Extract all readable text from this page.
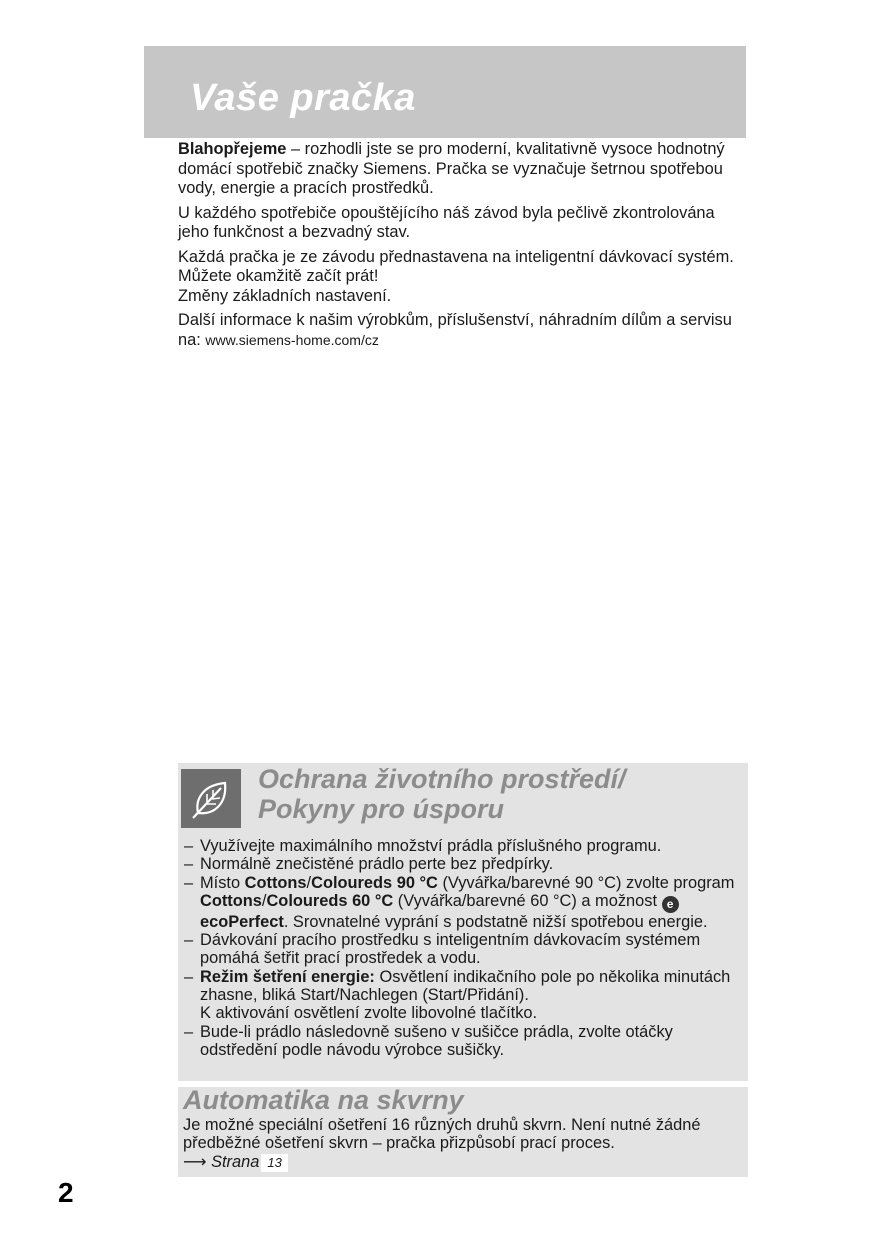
Vaše pračka

Blahopřejeme – rozhodli jste se pro moderní, kvalitativně vysoce hodnotný domácí spotřebič značky Siemens. Pračka se vyznačuje šetrnou spotřebou vody, energie a pracích prostředků.

U každého spotřebiče opouštějícího náš závod byla pečlivě zkontrolována jeho funkčnost a bezvadný stav.

Každá pračka je ze závodu přednastavena na inteligentní dávkovací systém. Můžete okamžitě začít prát!
Změny základních nastavení.

Další informace k našim výrobkům, příslušenství, náhradním dílům a servisu na: www.siemens-home.com/cz

Ochrana životního prostředí/
Pokyny pro úsporu
– Využívejte maximálního množství prádla příslušného programu.
– Normálně znečistěné prádlo perte bez předpírky.
– Místo Cottons/Coloureds 90 °C (Vyvářka/barevné 90 °C) zvolte program Cottons/Coloureds 60 °C (Vyvářka/barevné 60 °C) a možnost e ecoPerfect. Srovnatelné vyprání s podstatně nižší spotřebou energie.
– Dávkování pracího prostředku s inteligentním dávkovacím systémem pomáhá šetřit prací prostředek a vodu.
– Režim šetření energie: Osvětlení indikačního pole po několika minutách zhasne, bliká Start/Nachlegen (Start/Přidání).
K aktivování osvětlení zvolte libovolné tlačítko.
– Bude-li prádlo následovně sušeno v sušičce prádla, zvolte otáčky odstředění podle návodu výrobce sušičky.
Automatika na skvrny

Je možné speciální ošetření 16 různých druhů skvrn. Není nutné žádné předběžné ošetření skvrn – pračka přizpůsobí prací proces.

⟶ Strana 13

2
